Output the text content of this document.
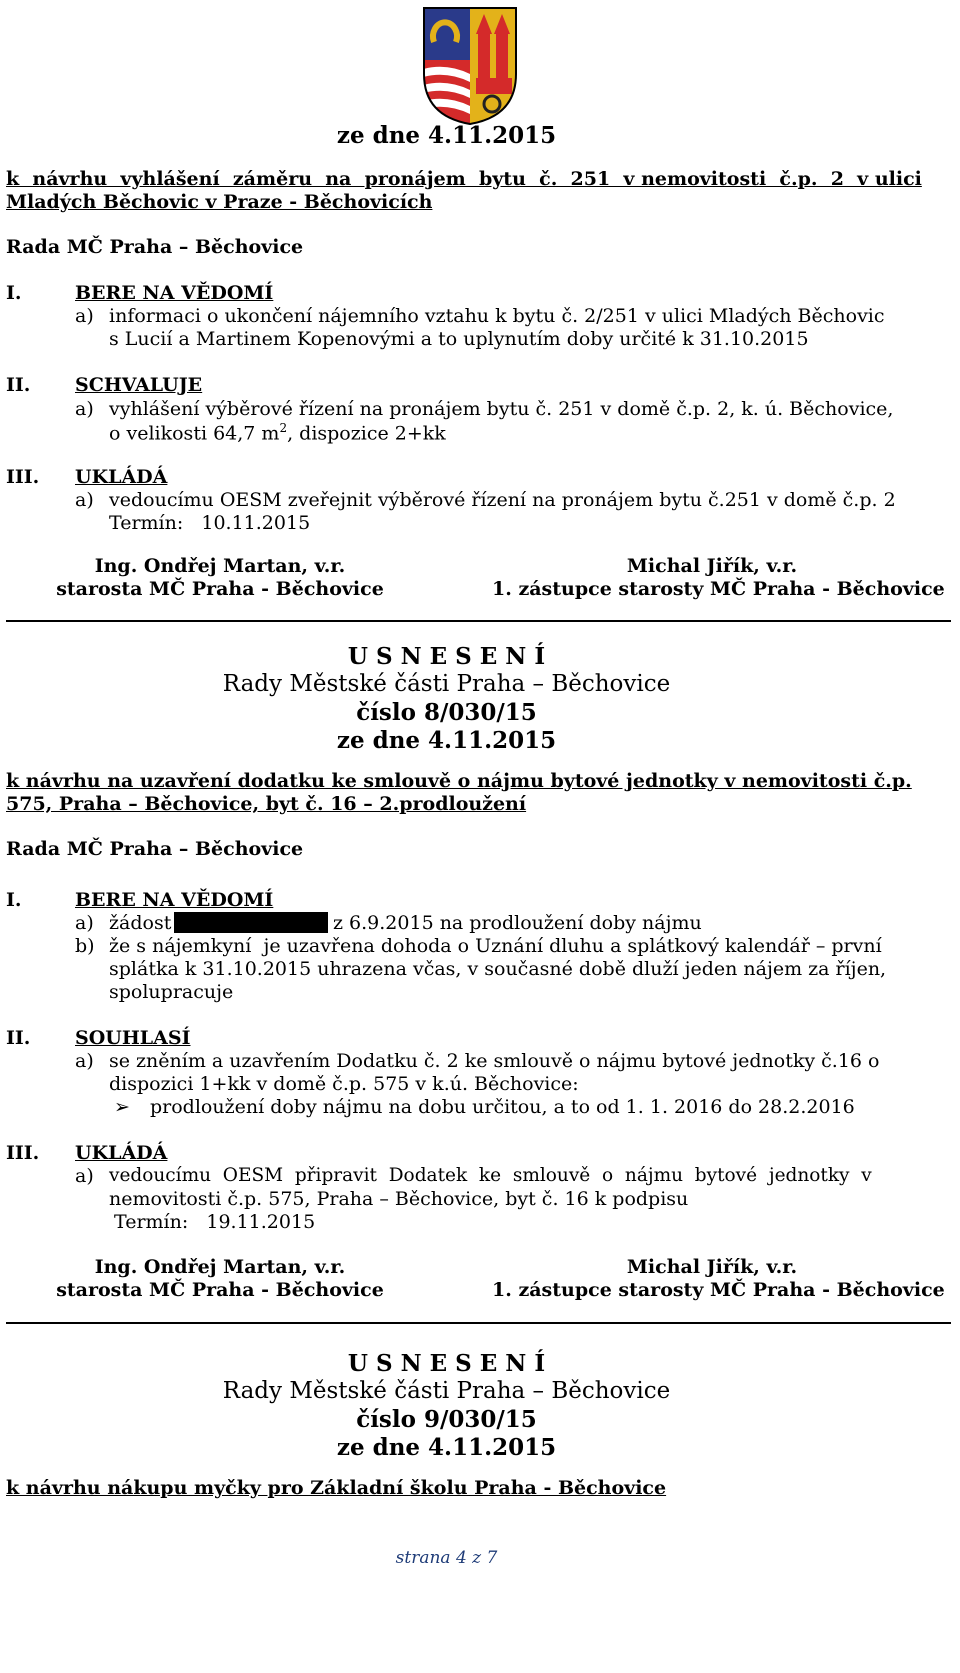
ze dne 4.11.2015
k  návrhu  vyhlášení  záměru  na  pronájem  bytu  č.  251  v nemovitosti  č.p.  2  v ulici
Mladých Běchovic v Praze - Běchovicích
Rada MČ Praha – Běchovice
I.	BERE NA VĚDOMÍ
a) informaci o ukončení nájemního vztahu k bytu č. 2/251 v ulici Mladých Běchovic
s Lucií a Martinem Kopenovými a to uplynutím doby určité k 31.10.2015
II. SCHVALUJE
a) vyhlášení výběrové řízení na pronájem bytu č. 251 v domě č.p. 2, k. ú. Běchovice,
o velikosti 64,7 $m^2$, dispozice 2+kk
III. UKLÁDÁ
a) vedoucímu OESM zveřejnit výběrové řízení na pronájem bytu č.251 v domě č.p. 2
Termín:   10.11.2015
Ing. Ondřej Martan, v.r.
starosta MČ Praha - Běchovice
Michal Jiřík, v.r.
1. zástupce starosty MČ Praha - Běchovice
U S N E S E N Í
Rady Městské části Praha – Běchovice
číslo 8/030/15
ze dne 4.11.2015
k návrhu na uzavření dodatku ke smlouvě o nájmu bytové jednotky v nemovitosti č.p.
575, Praha – Běchovice, byt č. 16 – 2.prodloužení
Rada MČ Praha – Běchovice
I.	BERE NA VĚDOMÍ
a) žádost	z 6.9.2015 na prodloužení doby nájmu
b) že s nájemkyní  je uzavřena dohoda o Uznání dluhu a splátkový kalendář – první
splátka k 31.10.2015 uhrazena včas, v současné době dluží jeden nájem za říjen,
spolupracuje
II. SOUHLASÍ
a) se zněním a uzavřením Dodatku č. 2 ke smlouvě o nájmu bytové jednotky č.16 o
dispozici 1+kk v domě č.p. 575 v k.ú. Běchovice:
➢ prodloužení doby nájmu na dobu určitou, a to od 1. 1. 2016 do 28.2.2016
III. UKLÁDÁ
a) vedoucímu  OESM  připravit  Dodatek  ke  smlouvě  o  nájmu  bytové  jednotky  v
nemovitosti č.p. 575, Praha – Běchovice, byt č. 16 k podpisu
Termín:   19.11.2015
Ing. Ondřej Martan, v.r.
starosta MČ Praha - Běchovice
Michal Jiřík, v.r.
1. zástupce starosty MČ Praha - Běchovice
U S N E S E N Í
Rady Městské části Praha – Běchovice
číslo 9/030/15
ze dne 4.11.2015
k návrhu nákupu myčky pro Základní školu Praha - Běchovice
strana 4 z 7
